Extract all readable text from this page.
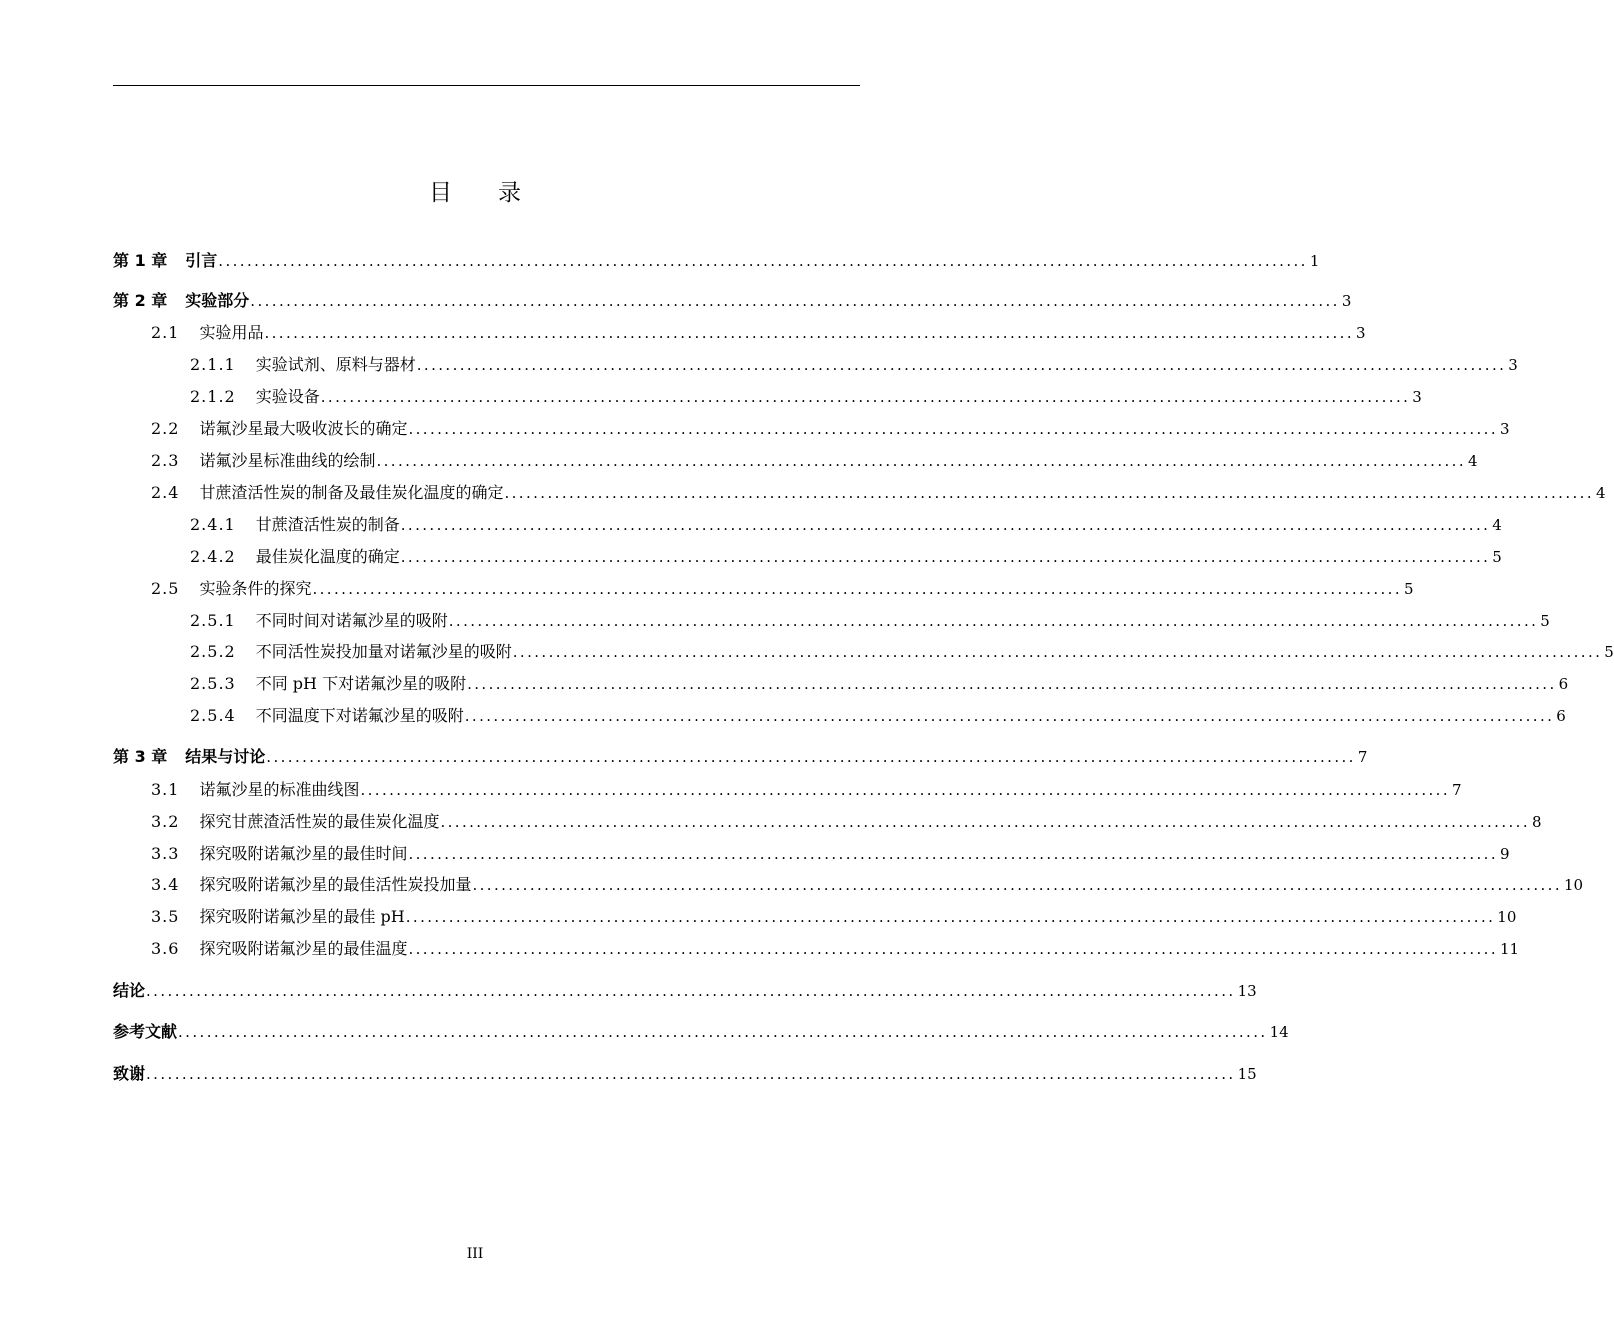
目录
第 1 章 引言 ........................................................................................................................................................ 1
第 2 章 实验部分 ........................................................................................................................................................ 3
2.1 实验用品 ........................................................................................................................................................ 3
2.1.1 实验试剂、原料与器材 ........................................................................................................................................................ 3
2.1.2 实验设备 ........................................................................................................................................................ 3
2.2 诺氟沙星最大吸收波长的确定 ........................................................................................................................................................ 3
2.3 诺氟沙星标准曲线的绘制 ........................................................................................................................................................ 4
2.4 甘蔗渣活性炭的制备及最佳炭化温度的确定 ........................................................................................................................................................ 4
2.4.1 甘蔗渣活性炭的制备 ........................................................................................................................................................ 4
2.4.2 最佳炭化温度的确定 ........................................................................................................................................................ 5
2.5 实验条件的探究 ........................................................................................................................................................ 5
2.5.1 不同时间对诺氟沙星的吸附 ........................................................................................................................................................ 5
2.5.2 不同活性炭投加量对诺氟沙星的吸附 ........................................................................................................................................................ 5
2.5.3 不同 pH 下对诺氟沙星的吸附 ........................................................................................................................................................ 6
2.5.4 不同温度下对诺氟沙星的吸附 ........................................................................................................................................................ 6
第 3 章 结果与讨论 ........................................................................................................................................................ 7
3.1 诺氟沙星的标准曲线图 ........................................................................................................................................................ 7
3.2 探究甘蔗渣活性炭的最佳炭化温度 ........................................................................................................................................................ 8
3.3 探究吸附诺氟沙星的最佳时间 ........................................................................................................................................................ 9
3.4 探究吸附诺氟沙星的最佳活性炭投加量 ........................................................................................................................................................ 10
3.5 探究吸附诺氟沙星的最佳 pH ........................................................................................................................................................ 10
3.6 探究吸附诺氟沙星的最佳温度 ........................................................................................................................................................ 11
结论 ........................................................................................................................................................ 13
参考文献 ........................................................................................................................................................ 14
致谢 ........................................................................................................................................................ 15
III
